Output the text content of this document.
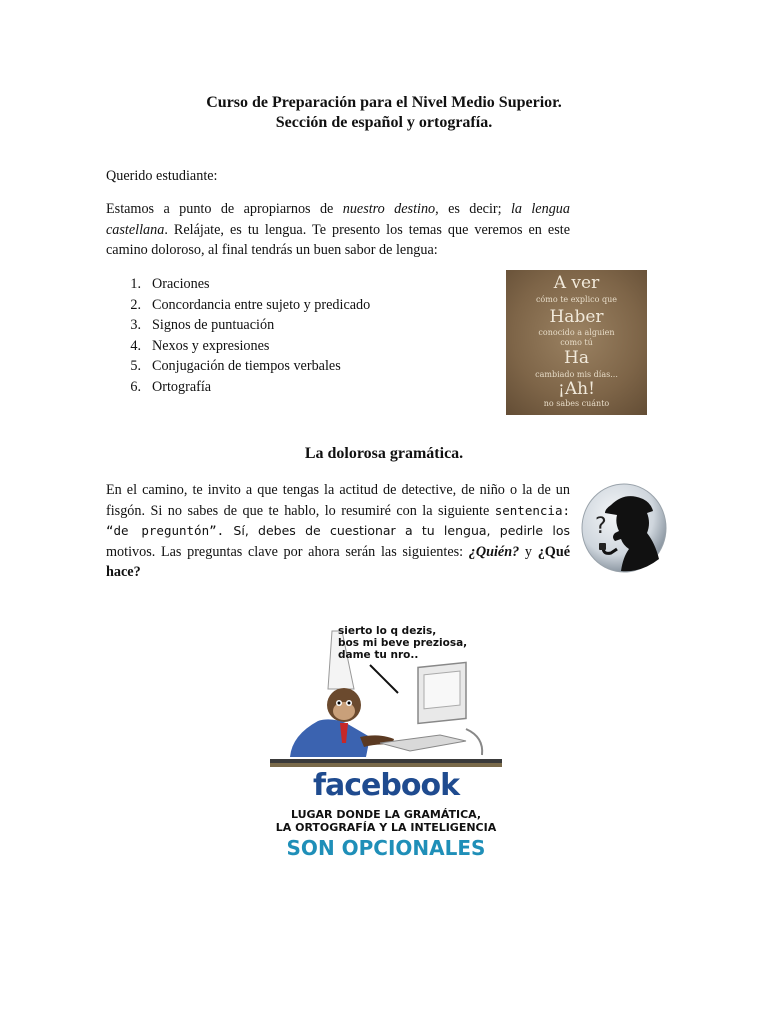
Curso de Preparación para el Nivel Medio Superior.
Sección de español y ortografía.
Querido estudiante:
Estamos a punto de apropiarnos de nuestro destino, es decir; la lengua castellana. Relájate, es tu lengua. Te presento los temas que veremos en este camino doloroso, al final tendrás un buen sabor de lengua:
1. Oraciones
2. Concordancia entre sujeto y predicado
3. Signos de puntuación
4. Nexos y expresiones
5. Conjugación de tiempos verbales
6. Ortografía
A ver
cómo te explico que
Haber
conocido a alguien
como tú
Ha
cambiado mis días...
¡Ah!
no sabes cuánto
La dolorosa gramática.
En el camino, te invito a que tengas la actitud de detective, de niño o la de un fisgón. Si no sabes de que te hablo, lo resumiré con la siguiente sentencia: “de preguntón”. Sí, debes de cuestionar a tu lengua, pedirle los motivos. Las preguntas clave por ahora serán las siguientes: ¿Quién? y ¿Qué hace?
?
sierto lo q dezis,
bos mi beve preziosa,
dame tu nro..
facebook
LUGAR DONDE LA GRAMÁTICA,
LA ORTOGRAFÍA Y LA INTELIGENCIA
SON OPCIONALES
